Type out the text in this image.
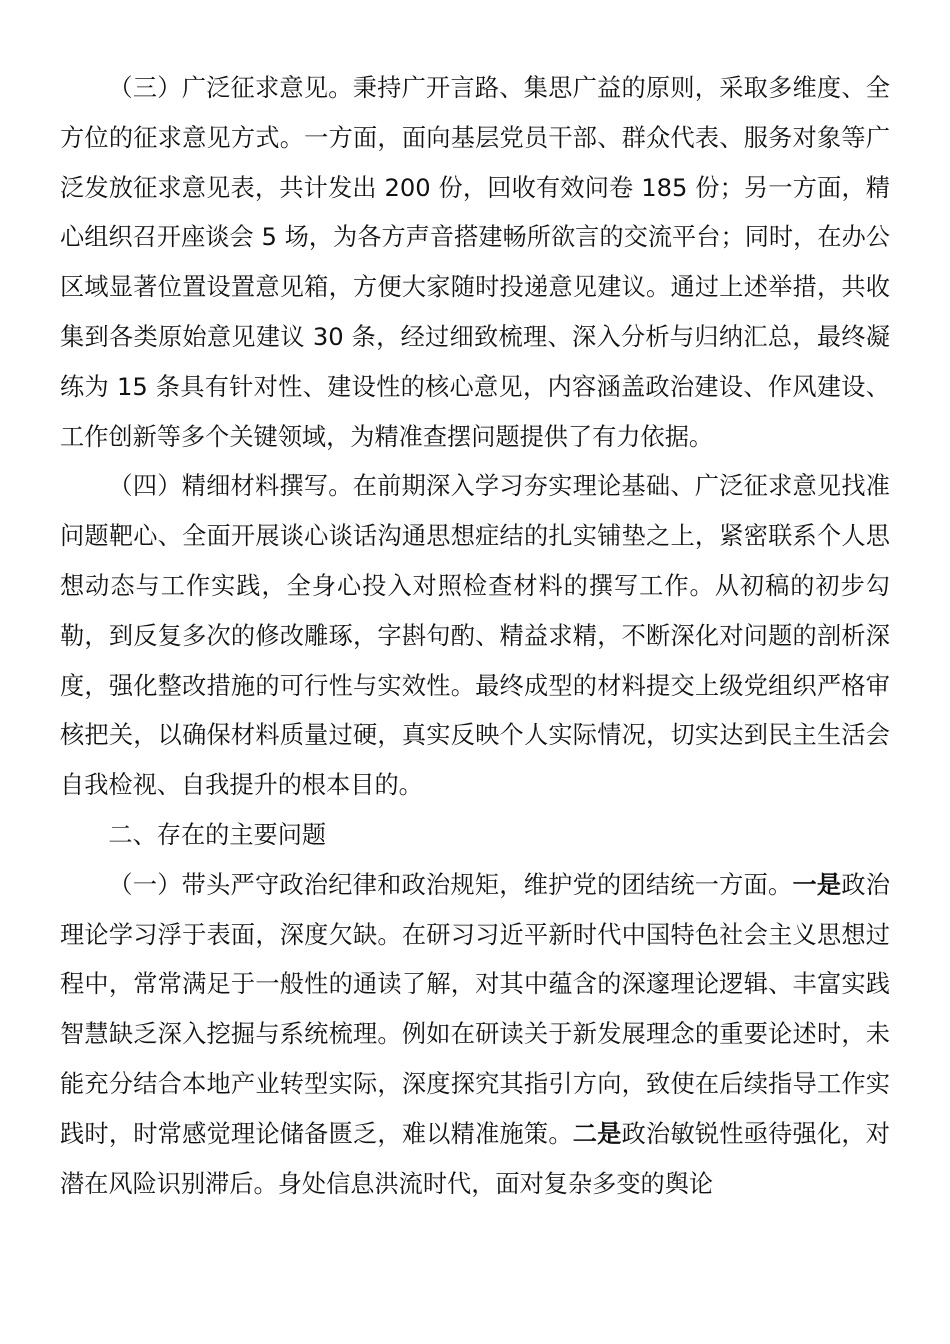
（三）广泛征求意见。秉持广开言路、集思广益的原则，采取多维度、全方位的征求意见方式。一方面，面向基层党员干部、群众代表、服务对象等广泛发放征求意见表，共计发出 200 份，回收有效问卷 185 份；另一方面，精心组织召开座谈会 5 场，为各方声音搭建畅所欲言的交流平台；同时，在办公区域显著位置设置意见箱，方便大家随时投递意见建议。通过上述举措，共收集到各类原始意见建议 30 条，经过细致梳理、深入分析与归纳汇总，最终凝练为 15 条具有针对性、建设性的核心意见，内容涵盖政治建设、作风建设、工作创新等多个关键领域，为精准查摆问题提供了有力依据。

（四）精细材料撰写。在前期深入学习夯实理论基础、广泛征求意见找准问题靶心、全面开展谈心谈话沟通思想症结的扎实铺垫之上，紧密联系个人思想动态与工作实践，全身心投入对照检查材料的撰写工作。从初稿的初步勾勒，到反复多次的修改雕琢，字斟句酌、精益求精，不断深化对问题的剖析深度，强化整改措施的可行性与实效性。最终成型的材料提交上级党组织严格审核把关，以确保材料质量过硬，真实反映个人实际情况，切实达到民主生活会自我检视、自我提升的根本目的。

二、存在的主要问题

（一）带头严守政治纪律和政治规矩，维护党的团结统一方面。一是政治理论学习浮于表面，深度欠缺。在研习习近平新时代中国特色社会主义思想过程中，常常满足于一般性的通读了解，对其中蕴含的深邃理论逻辑、丰富实践智慧缺乏深入挖掘与系统梳理。例如在研读关于新发展理念的重要论述时，未能充分结合本地产业转型实际，深度探究其指引方向，致使在后续指导工作实践时，时常感觉理论储备匮乏，难以精准施策。二是政治敏锐性亟待强化，对潜在风险识别滞后。身处信息洪流时代，面对复杂多变的舆论
